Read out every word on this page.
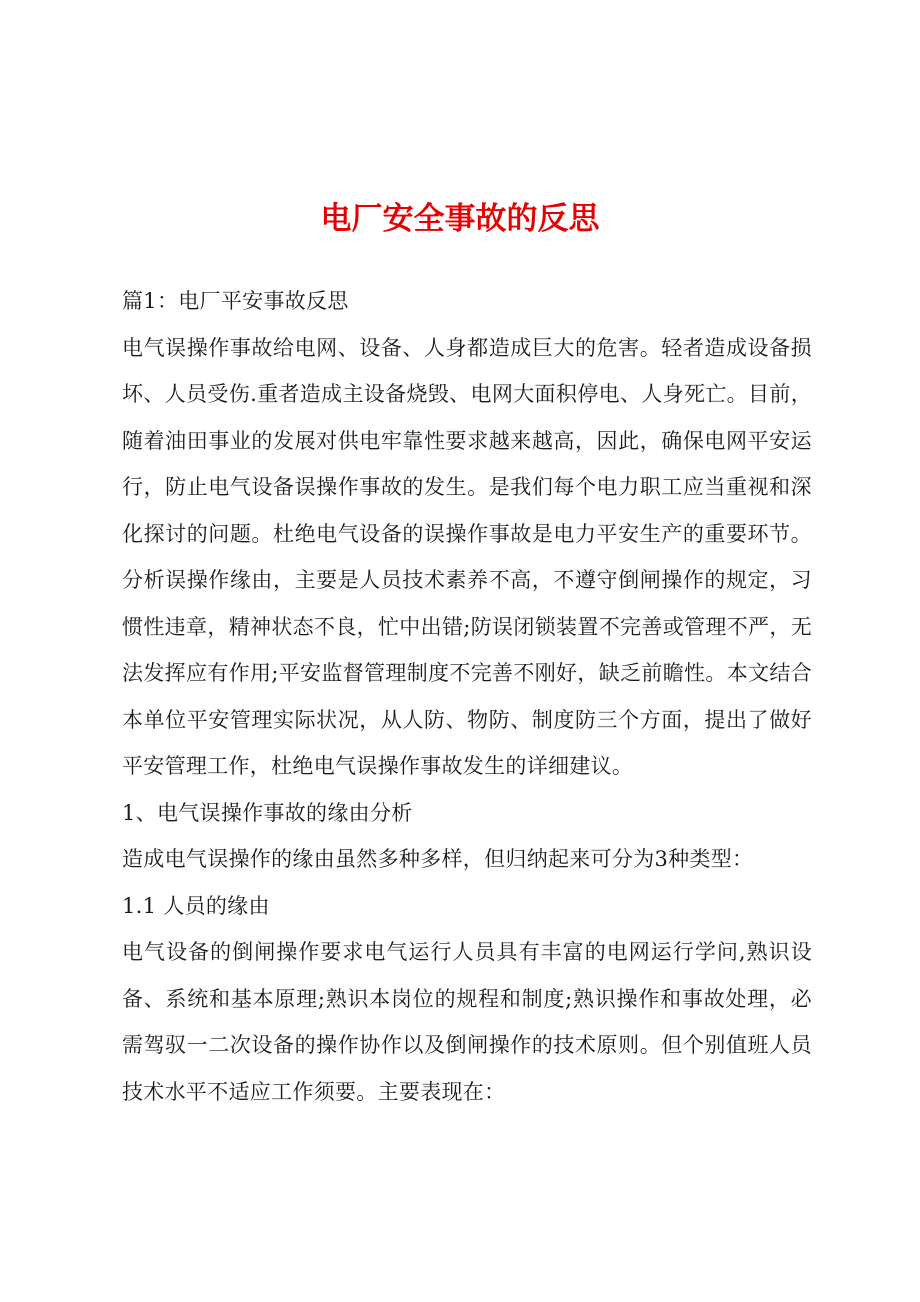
电厂安全事故的反思

篇1：电厂平安事故反思

电气误操作事故给电网、设备、人身都造成巨大的危害。轻者造成设备损坏、人员受伤.重者造成主设备烧毁、电网大面积停电、人身死亡。目前，随着油田事业的发展对供电牢靠性要求越来越高，因此，确保电网平安运行，防止电气设备误操作事故的发生。是我们每个电力职工应当重视和深化探讨的问题。杜绝电气设备的误操作事故是电力平安生产的重要环节。分析误操作缘由，主要是人员技术素养不高，不遵守倒闸操作的规定，习惯性违章，精神状态不良，忙中出错;防误闭锁装置不完善或管理不严，无法发挥应有作用;平安监督管理制度不完善不刚好，缺乏前瞻性。本文结合本单位平安管理实际状况，从人防、物防、制度防三个方面，提出了做好平安管理工作，杜绝电气误操作事故发生的详细建议。

1、电气误操作事故的缘由分析

造成电气误操作的缘由虽然多种多样，但归纳起来可分为3种类型：

1.1 人员的缘由

电气设备的倒闸操作要求电气运行人员具有丰富的电网运行学问,熟识设备、系统和基本原理;熟识本岗位的规程和制度;熟识操作和事故处理，必需驾驭一二次设备的操作协作以及倒闸操作的技术原则。但个别值班人员技术水平不适应工作须要。主要表现在：
